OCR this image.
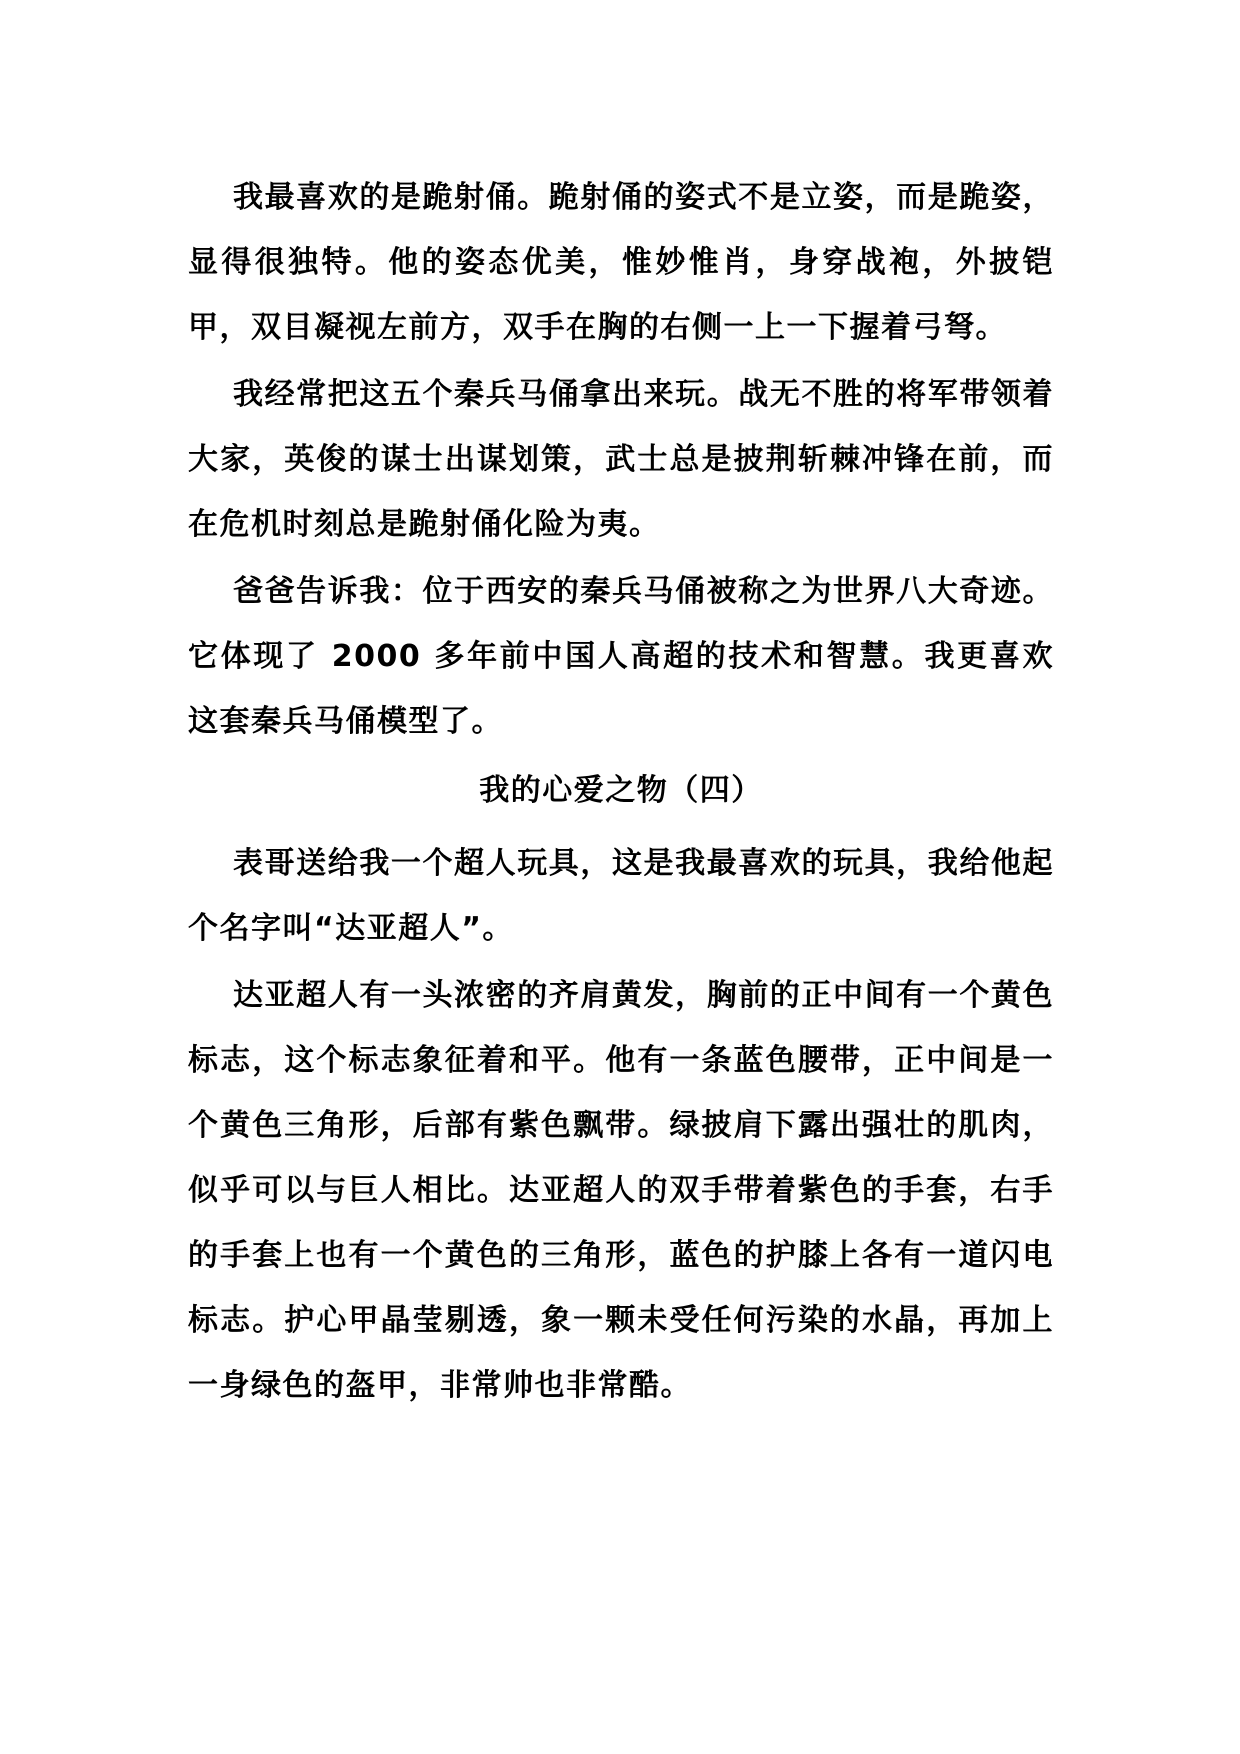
我最喜欢的是跪射俑。跪射俑的姿式不是立姿，而是跪姿，显得很独特。他的姿态优美，惟妙惟肖，身穿战袍，外披铠甲，双目凝视左前方，双手在胸的右侧一上一下握着弓弩。

我经常把这五个秦兵马俑拿出来玩。战无不胜的将军带领着大家，英俊的谋士出谋划策，武士总是披荆斩棘冲锋在前，而在危机时刻总是跪射俑化险为夷。

爸爸告诉我：位于西安的秦兵马俑被称之为世界八大奇迹。它体现了 2000 多年前中国人高超的技术和智慧。我更喜欢这套秦兵马俑模型了。

我的心爱之物（四）

表哥送给我一个超人玩具，这是我最喜欢的玩具，我给他起个名字叫“达亚超人”。

达亚超人有一头浓密的齐肩黄发，胸前的正中间有一个黄色标志，这个标志象征着和平。他有一条蓝色腰带，正中间是一个黄色三角形，后部有紫色飘带。绿披肩下露出强壮的肌肉，似乎可以与巨人相比。达亚超人的双手带着紫色的手套，右手的手套上也有一个黄色的三角形，蓝色的护膝上各有一道闪电标志。护心甲晶莹剔透，象一颗未受任何污染的水晶，再加上一身绿色的盔甲，非常帅也非常酷。
